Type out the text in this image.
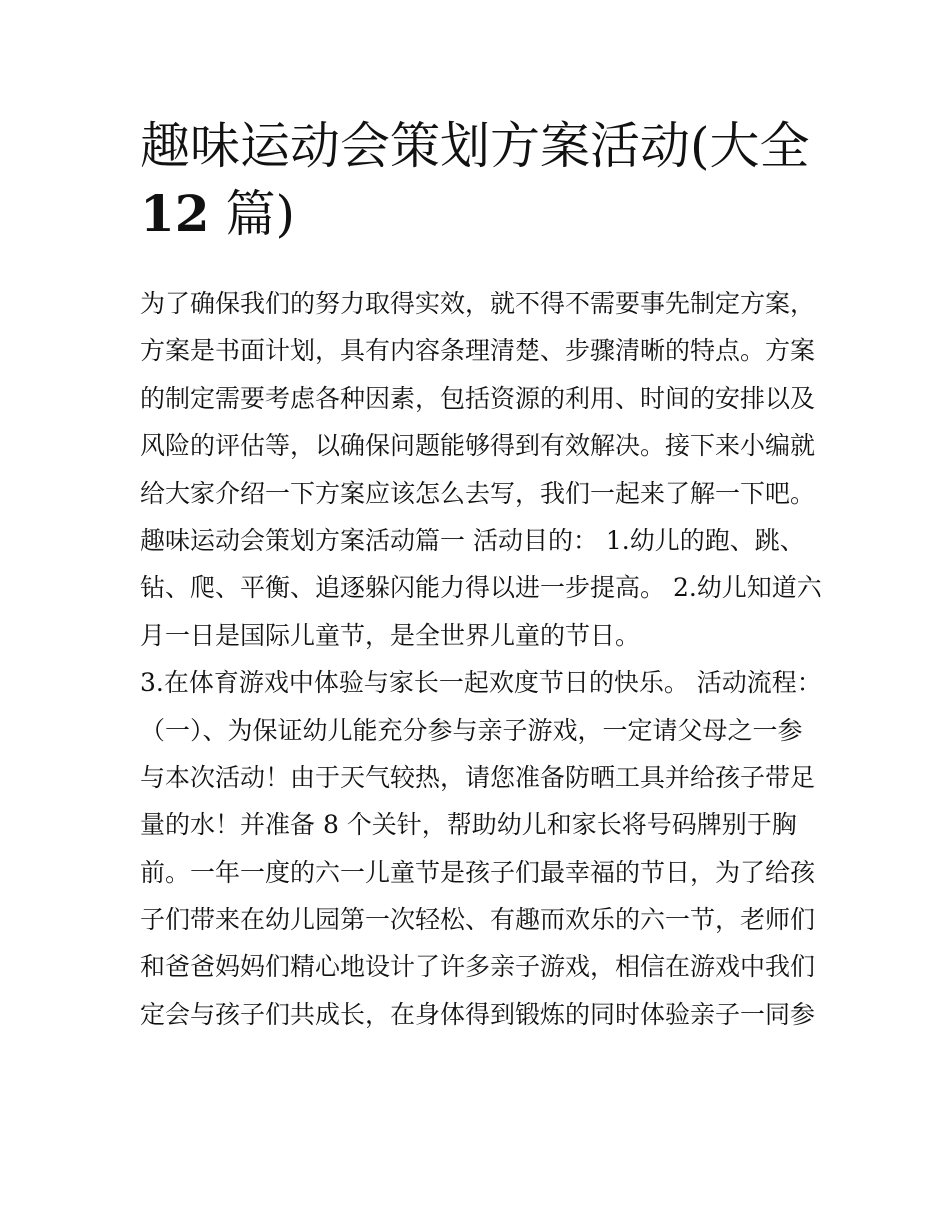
趣味运动会策划方案活动(大全
12 篇)
为了确保我们的努力取得实效，就不得不需要事先制定方案，
方案是书面计划，具有内容条理清楚、步骤清晰的特点。方案
的制定需要考虑各种因素，包括资源的利用、时间的安排以及
风险的评估等，以确保问题能够得到有效解决。接下来小编就
给大家介绍一下方案应该怎么去写，我们一起来了解一下吧。
趣味运动会策划方案活动篇一 活动目的： 1.幼儿的跑、跳、
钻、爬、平衡、追逐躲闪能力得以进一步提高。 2.幼儿知道六
月一日是国际儿童节，是全世界儿童的节日。
3.在体育游戏中体验与家长一起欢度节日的快乐。 活动流程：
（一）、为保证幼儿能充分参与亲子游戏，一定请父母之一参
与本次活动！由于天气较热，请您准备防晒工具并给孩子带足
量的水！并准备 8 个关针，帮助幼儿和家长将号码牌别于胸
前。一年一度的六一儿童节是孩子们最幸福的节日，为了给孩
子们带来在幼儿园第一次轻松、有趣而欢乐的六一节，老师们
和爸爸妈妈们精心地设计了许多亲子游戏，相信在游戏中我们
定会与孩子们共成长，在身体得到锻炼的同时体验亲子一同参
